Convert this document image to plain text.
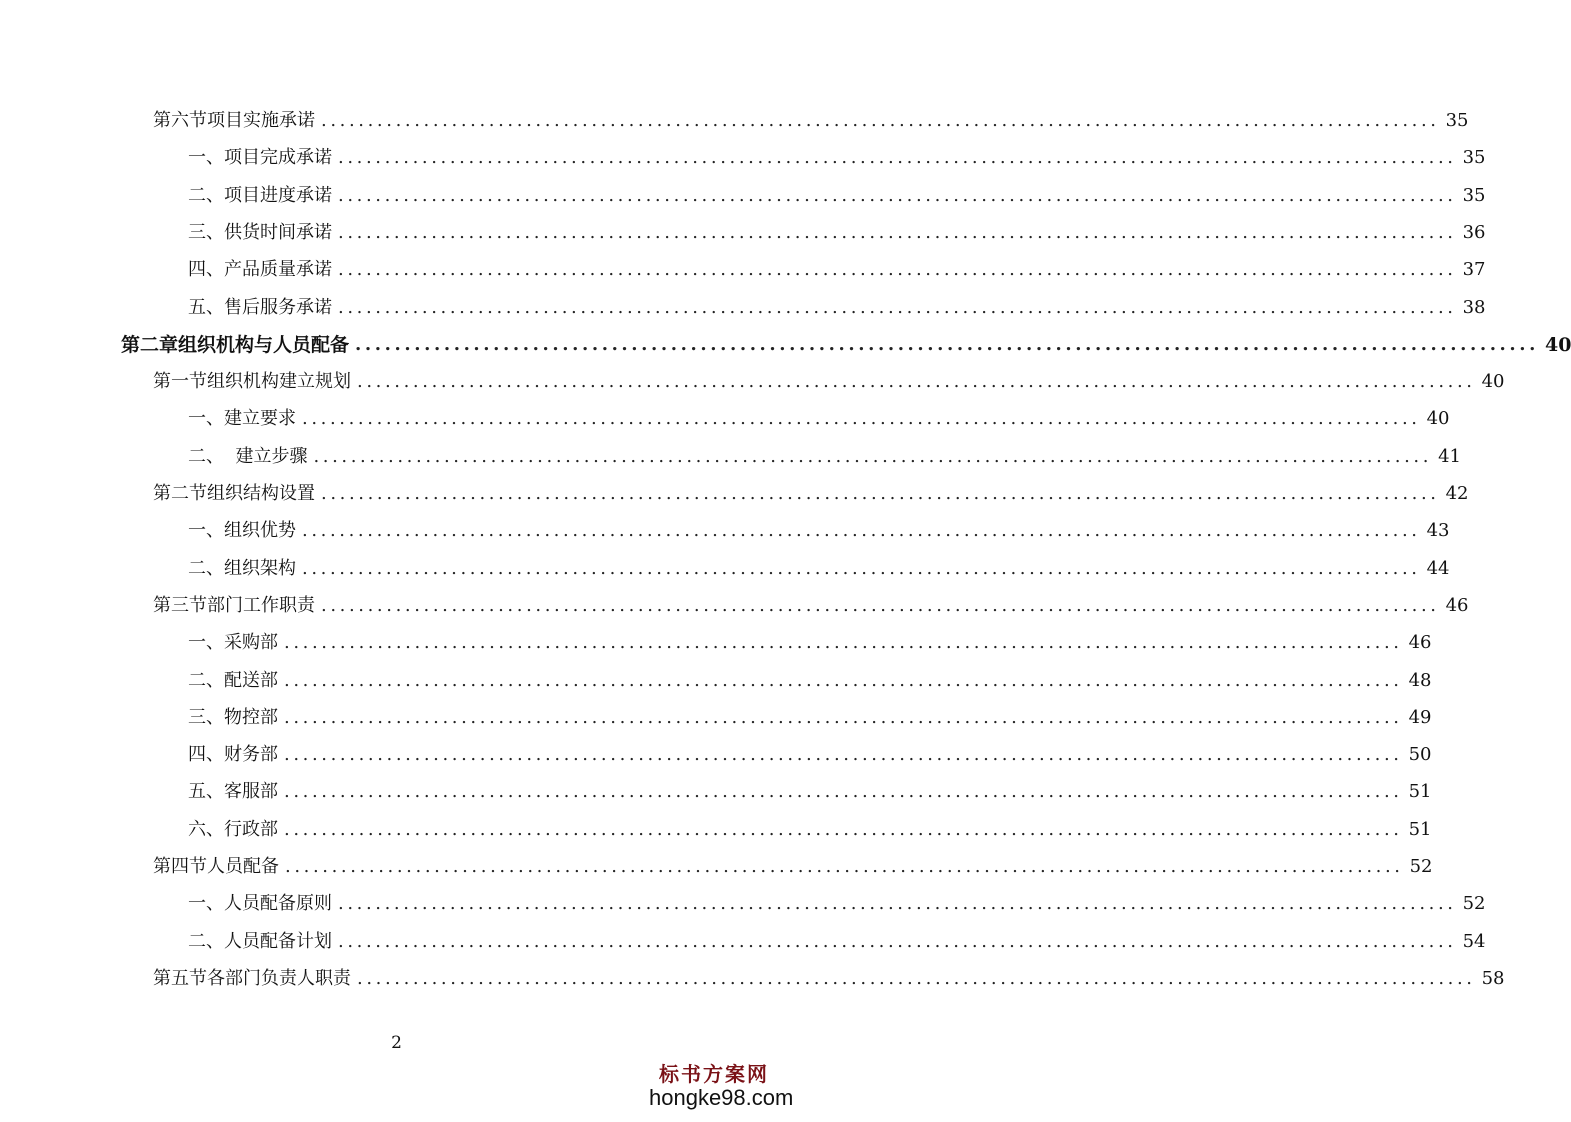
第六节 项目实施承诺 ........................................................................................................................ 35
一、 项目完成承诺 ........................................................................................................................ 35
二、 项目进度承诺 ........................................................................................................................ 35
三、 供货时间承诺 ........................................................................................................................ 36
四、 产品质量承诺 ........................................................................................................................ 37
五、 售后服务承诺 ........................................................................................................................ 38
第二章 组织机构与人员配备 ........................................................................................................................ 40
第一节 组织机构建立规划 ........................................................................................................................ 40
一、 建立要求 ........................................................................................................................ 40
二、 建立步骤 ........................................................................................................................ 41
第二节 组织结构设置 ........................................................................................................................ 42
一、 组织优势 ........................................................................................................................ 43
二、 组织架构 ........................................................................................................................ 44
第三节 部门工作职责 ........................................................................................................................ 46
一、 采购部 ........................................................................................................................ 46
二、 配送部 ........................................................................................................................ 48
三、 物控部 ........................................................................................................................ 49
四、 财务部 ........................................................................................................................ 50
五、 客服部 ........................................................................................................................ 51
六、 行政部 ........................................................................................................................ 51
第四节 人员配备 ........................................................................................................................ 52
一、 人员配备原则 ........................................................................................................................ 52
二、 人员配备计划 ........................................................................................................................ 54
第五节 各部门负责人职责 ........................................................................................................................ 58
2
标书方案网
hongke98.com
